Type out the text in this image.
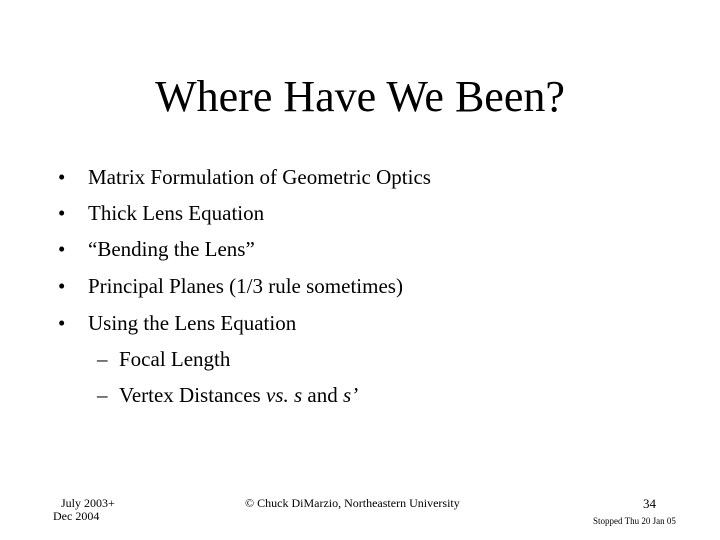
Where Have We Been?
•	Matrix Formulation of Geometric Optics
•	Thick Lens Equation
•	“Bending the Lens”
•	Principal Planes (1/3 rule sometimes)
•	Using the Lens Equation
– Focal Length
– Vertex Distances vs. s and s’
July 2003+
Dec 2004
© Chuck DiMarzio, Northeastern University	34
Stopped Thu 20 Jan 05
